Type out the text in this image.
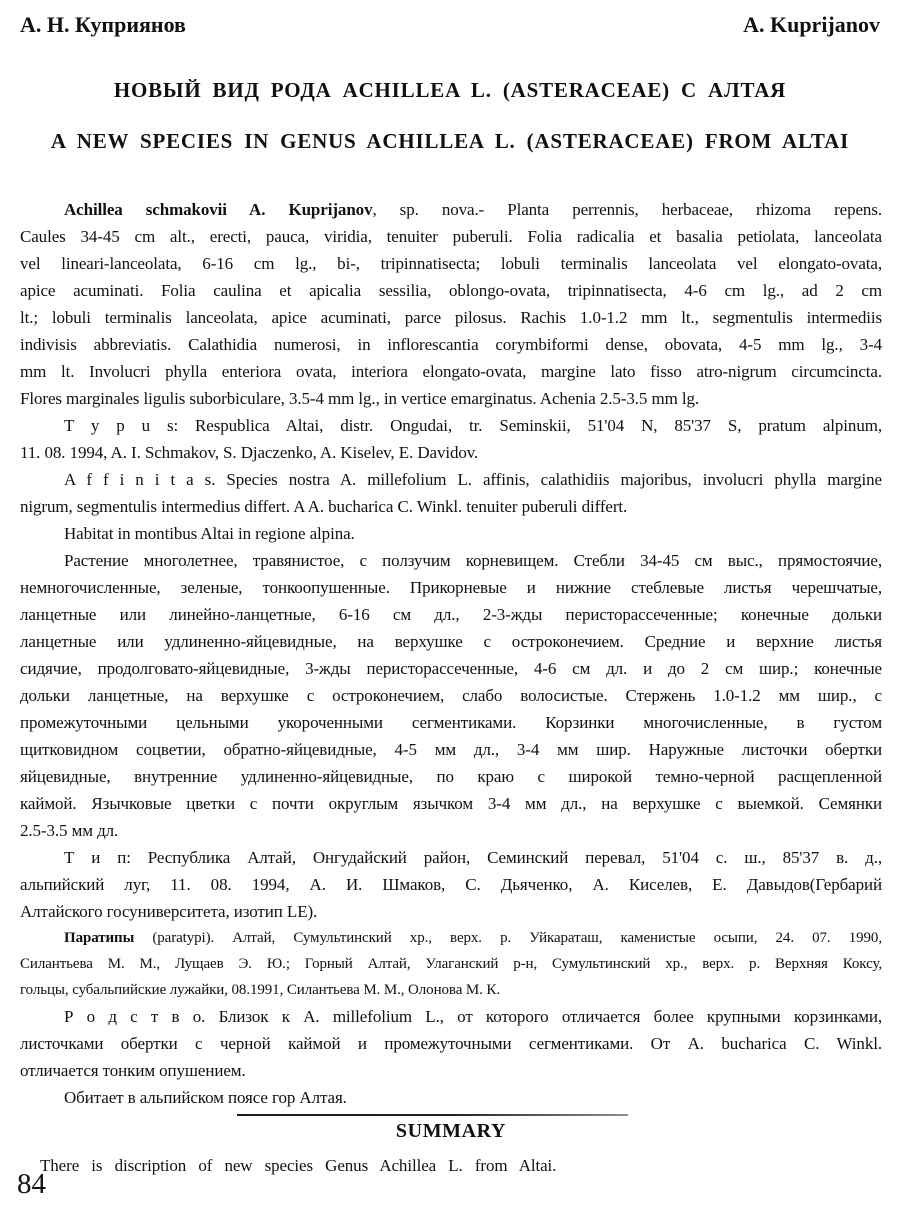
А. Н. Куприянов	A. Kuprijanov
НОВЫЙ ВИД РОДА ACHILLEA L. (ASTERACEAE) С АЛТАЯ
A NEW SPECIES IN GENUS ACHILLEA L. (ASTERACEAE) FROM ALTAI
Achillea schmakovii A. Kuprijanov, sp. nova.- Planta perrennis, herbaceae, rhizoma repens.
Caules 34-45 cm alt., erecti, pauca, viridia, tenuiter puberuli. Folia radicalia et basalia petiolata, lanceolata
vel lineari-lanceolata, 6-16 cm lg., bi-, tripinnatisecta; lobuli terminalis lanceolata vel elongato-ovata,
apice acuminati. Folia caulina et apicalia sessilia, oblongo-ovata, tripinnatisecta, 4-6 cm lg., ad 2 cm
lt.; lobuli terminalis lanceolata, apice acuminati, parce pilosus. Rachis 1.0-1.2 mm lt., segmentulis intermediis
indivisis abbreviatis. Calathidia numerosi, in inflorescantia corymbiformi dense, obovata, 4-5 mm lg., 3-4
mm lt. Involucri phylla enteriora ovata, interiora elongato-ovata, margine lato fisso atro-nigrum circumcincta.
Flores marginales ligulis suborbiculare, 3.5-4 mm lg., in vertice emarginatus. Achenia 2.5-3.5 mm lg.
T y p u s: Respublica Altai, distr. Ongudai, tr. Seminskii, 51'04 N, 85'37 S, pratum alpinum,
11. 08. 1994, A. I. Schmakov, S. Djaczenko, A. Kiselev, E. Davidov.
A f f i n i t a s. Species nostra A. millefolium L. affinis, calathidiis majoribus, involucri phylla margine
nigrum, segmentulis intermedius differt. A A. bucharica C. Winkl. tenuiter puberuli differt.
Habitat in montibus Altai in regione alpina.
Растение многолетнее, травянистое, с ползучим корневищем. Стебли 34-45 см выс., прямостоячие,
немногочисленные, зеленые, тонкоопушенные. Прикорневые и нижние стеблевые листья черешчатые,
ланцетные или линейно-ланцетные, 6-16 см дл., 2-3-жды перисторассеченные; конечные дольки
ланцетные или удлиненно-яйцевидные, на верхушке с остроконечием. Средние и верхние листья
сидячие, продолговато-яйцевидные, 3-жды перисторассеченные, 4-6 см дл. и до 2 см шир.; конечные
дольки ланцетные, на верхушке с остроконечием, слабо волосистые. Стержень 1.0-1.2 мм шир., с
промежуточными цельными укороченными сегментиками. Корзинки многочисленные, в густом
щитковидном соцветии, обратно-яйцевидные, 4-5 мм дл., 3-4 мм шир. Наружные листочки обертки
яйцевидные, внутренние удлиненно-яйцевидные, по краю с широкой темно-черной расщепленной
каймой. Язычковые цветки с почти округлым язычком 3-4 мм дл., на верхушке с выемкой. Семянки
2.5-3.5 мм дл.
Т и п: Республика Алтай, Онгудайский район, Семинский перевал, 51'04 с. ш., 85'37 в. д.,
альпийский луг, 11. 08. 1994, А. И. Шмаков, С. Дьяченко, А. Киселев, Е. Давыдов(Гербарий
Алтайского госуниверситета, изотип LE).
Паратипы (paratypi). Алтай, Сумультинский хр., верх. р. Уйкараташ, каменистые осыпи, 24. 07. 1990,
Силантьева М. М., Лущаев Э. Ю.; Горный Алтай, Улаганский р-н, Сумультинский хр., верх. р. Верхняя Коксу,
гольцы, субальпийские лужайки, 08.1991, Силантьева М. М., Олонова М. К.
Р о д с т в о. Близок к A. millefolium L., от которого отличается более крупными корзинками,
листочками обертки с черной каймой и промежуточными сегментиками. От A. bucharica C. Winkl.
отличается тонким опушением.
Обитает в альпийском поясе гор Алтая.
SUMMARY
There is discription of new species Genus Achillea L. from Altai.
84
